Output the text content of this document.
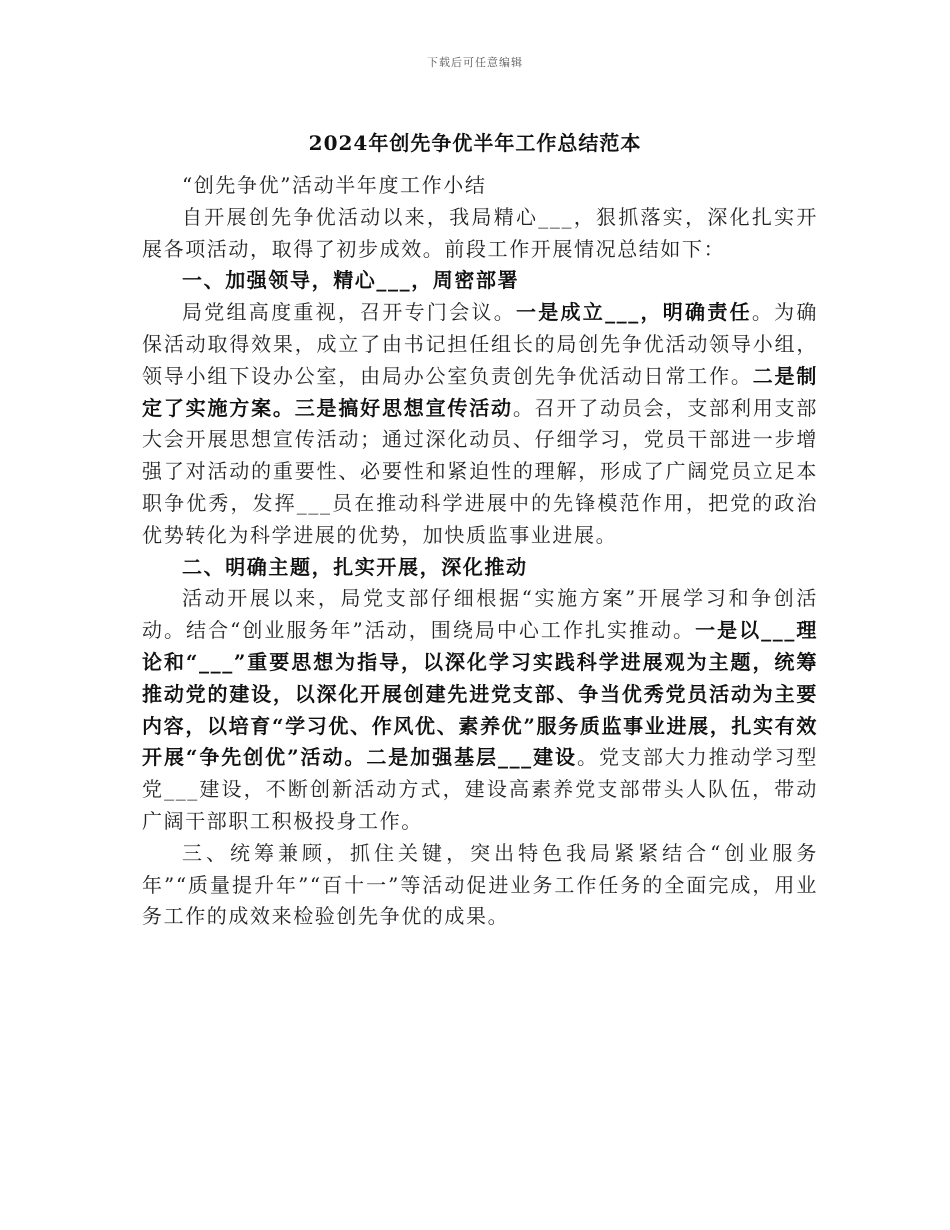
下载后可任意编辑
2024年创先争优半年工作总结范本

“创先争优”活动半年度工作小结

自开展创先争优活动以来，我局精心___，狠抓落实，深化扎实开展各项活动，取得了初步成效。前段工作开展情况总结如下：

一、加强领导，精心___，周密部署

局党组高度重视，召开专门会议。一是成立___，明确责任。为确保活动取得效果，成立了由书记担任组长的局创先争优活动领导小组，领导小组下设办公室，由局办公室负责创先争优活动日常工作。二是制定了实施方案。三是搞好思想宣传活动。召开了动员会，支部利用支部大会开展思想宣传活动；通过深化动员、仔细学习，党员干部进一步增强了对活动的重要性、必要性和紧迫性的理解，形成了广阔党员立足本职争优秀，发挥___员在推动科学进展中的先锋模范作用，把党的政治优势转化为科学进展的优势，加快质监事业进展。

二、明确主题，扎实开展，深化推动

活动开展以来，局党支部仔细根据“实施方案”开展学习和争创活动。结合“创业服务年”活动，围绕局中心工作扎实推动。一是以___理论和“___”重要思想为指导，以深化学习实践科学进展观为主题，统筹推动党的建设，以深化开展创建先进党支部、争当优秀党员活动为主要内容，以培育“学习优、作风优、素养优”服务质监事业进展，扎实有效开展“争先创优”活动。二是加强基层___建设。党支部大力推动学习型党___建设，不断创新活动方式，建设高素养党支部带头人队伍，带动广阔干部职工积极投身工作。

三、统筹兼顾，抓住关键，突出特色我局紧紧结合“创业服务年”“质量提升年”“百十一”等活动促进业务工作任务的全面完成，用业务工作的成效来检验创先争优的成果。
